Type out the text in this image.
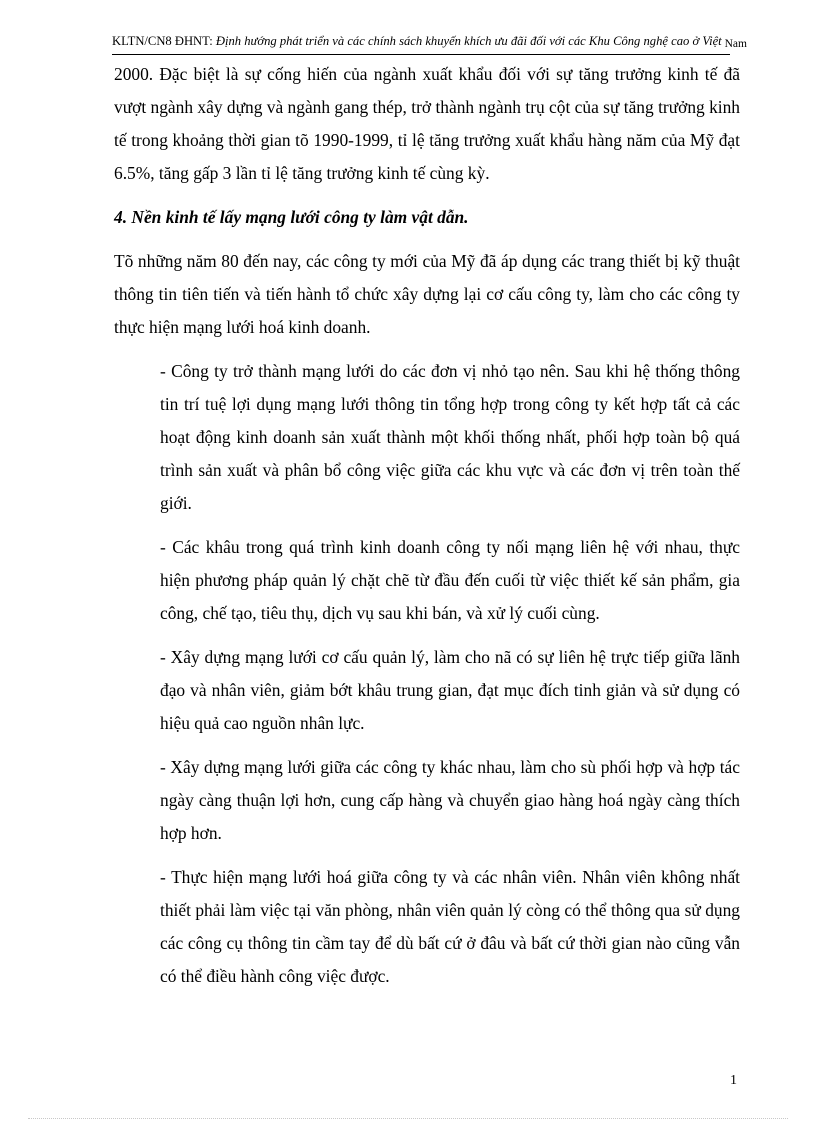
KLTN/CN8 ĐHNT: Định hướng phát triển và các chính sách khuyến khích ưu đãi đối với các Khu Công nghệ cao ở Việt Nam

2000. Đặc biệt là sự cống hiến của ngành xuất khẩu đối với sự tăng trưởng kinh tế đã vượt ngành xây dựng và ngành gang thép, trở thành ngành trụ cột của sự tăng trưởng kinh tế trong khoảng thời gian tõ 1990-1999, tỉ lệ tăng trưởng xuất khẩu hàng năm của Mỹ đạt 6.5%, tăng gấp 3 lần tỉ lệ tăng trưởng kinh tế cùng kỳ.

4. Nền kinh tế lấy mạng lưới công ty làm vật dẫn.

Tõ những năm 80 đến nay, các công ty mới của Mỹ đã áp dụng các trang thiết bị kỹ thuật thông tin tiên tiến và tiến hành tổ chức xây dựng lại cơ cấu công ty, làm cho các công ty thực hiện mạng lưới hoá kinh doanh.

- Công ty trở thành mạng lưới do các đơn vị nhỏ tạo nên. Sau khi hệ thống thông tin trí tuệ lợi dụng mạng lưới thông tin tổng hợp trong công ty kết hợp tất cả các hoạt động kinh doanh sản xuất thành một khối thống nhất, phối hợp toàn bộ quá trình sản xuất và phân bổ công việc giữa các khu vực và các đơn vị trên toàn thế giới.

- Các khâu trong quá trình kinh doanh công ty nối mạng liên hệ với nhau, thực hiện phương pháp quản lý chặt chẽ từ đầu đến cuối từ việc thiết kế sản phẩm, gia công, chế tạo, tiêu thụ, dịch vụ sau khi bán, và xử lý cuối cùng.

- Xây dựng mạng lưới cơ cấu quản lý, làm cho nã có sự liên hệ trực tiếp giữa lãnh đạo và nhân viên, giảm bớt khâu trung gian, đạt mục đích tinh giản và sử dụng có hiệu quả cao nguồn nhân lực.

- Xây dựng mạng lưới giữa các công ty khác nhau, làm cho sù phối hợp và hợp tác ngày càng thuận lợi hơn, cung cấp hàng và chuyển giao hàng hoá ngày càng thích hợp hơn.

- Thực hiện mạng lưới hoá giữa công ty và các nhân viên. Nhân viên không nhất thiết phải làm việc tại văn phòng, nhân viên quản lý còng có thể thông qua sử dụng các công cụ thông tin cầm tay để dù bất cứ ở đâu và bất cứ thời gian nào cũng vẫn có thể điều hành công việc được.

1
